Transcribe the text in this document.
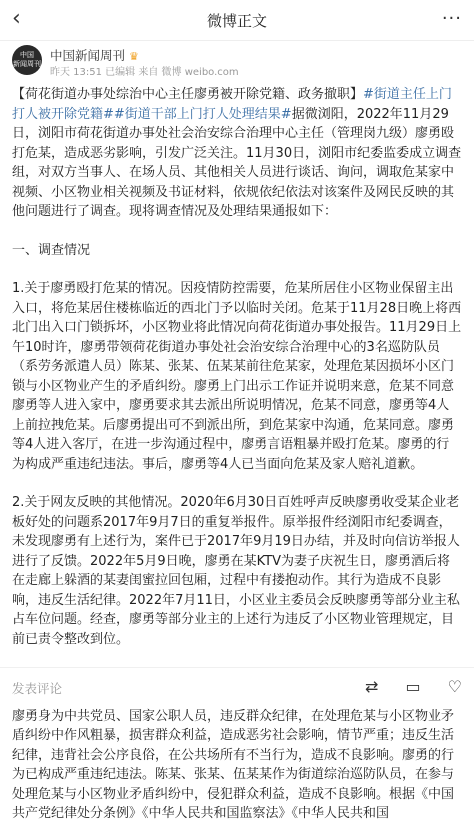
‹	微博正文	···
中国
新闻周刊
中国新闻周刊 ♛
昨天 13:51 已编辑 来自 微博 weibo.com

【荷花街道办事处综治中心主任廖勇被开除党籍、政务撤职】#街道主任上门打人被开除党籍##街道干部上门打人处理结果#据微浏阳，2022年11月29日，浏阳市荷花街道办事处社会治安综合治理中心主任（管理岗九级）廖勇殴打危某，造成恶劣影响，引发广泛关注。11月30日，浏阳市纪委监委成立调查组，对双方当事人、在场人员、其他相关人员进行谈话、询问，调取危某家中视频、小区物业相关视频及书证材料，依规依纪依法对该案件及网民反映的其他问题进行了调查。现将调查情况及处理结果通报如下：

一、调查情况

1.关于廖勇殴打危某的情况。因疫情防控需要，危某所居住小区物业保留主出入口，将危某居住楼栋临近的西北门予以临时关闭。危某于11月28日晚上将西北门出入口门锁拆坏，小区物业将此情况向荷花街道办事处报告。11月29日上午10时许，廖勇带领荷花街道办事处社会治安综合治理中心的3名巡防队员（系劳务派遣人员）陈某、张某、伍某某前往危某家，处理危某因损坏小区门锁与小区物业产生的矛盾纠纷。廖勇上门出示工作证并说明来意，危某不同意廖勇等人进入家中，廖勇要求其去派出所说明情况，危某不同意，廖勇等4人上前拉拽危某。后廖勇提出可不到派出所，到危某家中沟通，危某同意。廖勇等4人进入客厅，在进一步沟通过程中，廖勇言语粗暴并殴打危某。廖勇的行为构成严重违纪违法。事后，廖勇等4人已当面向危某及家人赔礼道歉。

2.关于网友反映的其他情况。2020年6月30日百姓呼声反映廖勇收受某企业老板好处的问题系2017年9月7日的重复举报件。原举报件经浏阳市纪委调查，未发现廖勇有上述行为，案件已于2017年9月19日办结，并及时向信访举报人进行了反馈。2022年5月9日晚，廖勇在某KTV为妻子庆祝生日，廖勇酒后将在走廊上躲酒的某妻闺蜜拉回包厢，过程中有搂抱动作。其行为造成不良影响，违反生活纪律。2022年7月11日，小区业主委员会反映廖勇等部分业主私占车位问题。经查，廖勇等部分业主的上述行为违反了小区物业管理规定，目前已责令整改到位。

二、处理结果

廖勇身为中共党员、国家公职人员，违反群众纪律，在处理危某与小区物业矛盾纠纷中作风粗暴，损害群众利益，造成恶劣社会影响，情节严重；违反生活纪律，违背社会公序良俗，在公共场所有不当行为，造成不良影响。廖勇的行为已构成严重违纪违法。陈某、张某、伍某某作为街道综治巡防队员，在参与

发表评论	⇄ ▭ ♡
